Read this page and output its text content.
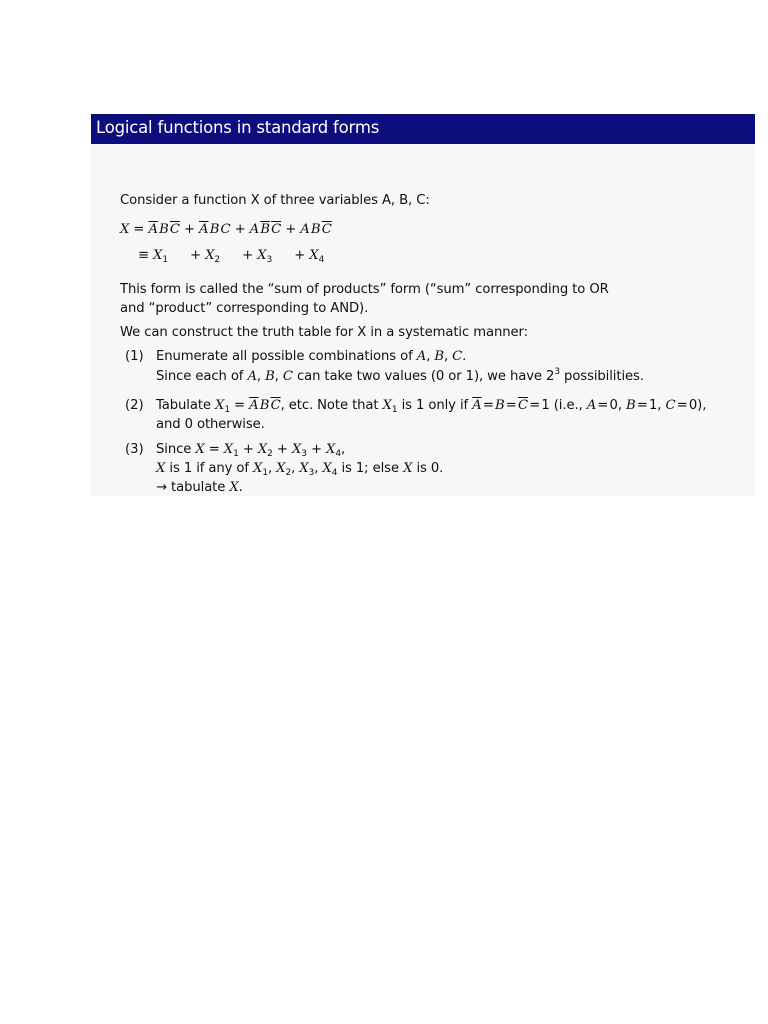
Logical functions in standard forms
Consider a function X of three variables A, B, C:
$X = \overline{A}$ B $\overline{C} + \overline{A}$ B C + A $\overline{B}$ $\overline{C} + A$ B $\overline{C}$
≡ $X_1 + X_2 + X_3 + X_4$
This form is called the “sum of products” form (“sum” corresponding to OR
and “product” corresponding to AND).
We can construct the truth table for X in a systematic manner:
(1) Enumerate all possible combinations of A, B, C.
Since each of A, B, C can take two values (0 or 1), we have $2^3$ possibilities.
(2) Tabulate $X_1 = \overline{A}$ B $\overline{C}$, etc. Note that $X_1$ is 1 only if $\overline{A}$ = B = $\overline{C}$ = 1 (i.e., A = 0, B = 1, C = 0),
and 0 otherwise.
(3) Since $X = X_1 + X_2 + X_3 + X_4$,
X is 1 if any of $X_1$, $X_2$, $X_3$, $X_4$ is 1; else X is 0.
→ tabulate X.
